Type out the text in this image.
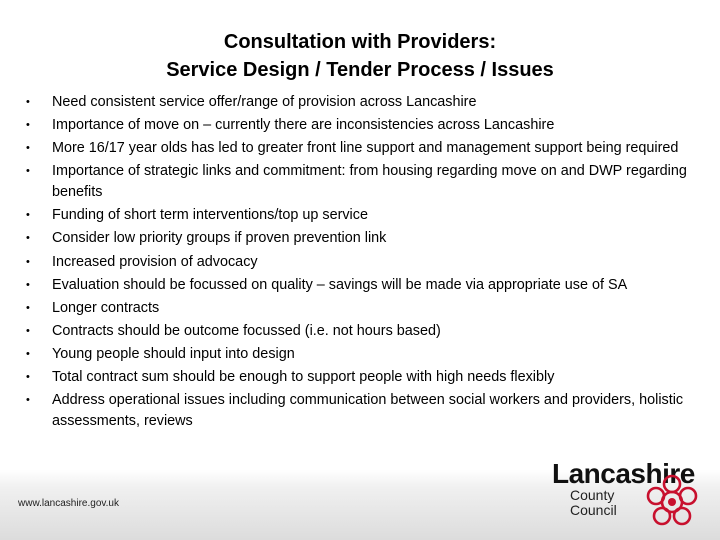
Consultation with Providers:
Service Design / Tender Process / Issues
• Need consistent service offer/range of provision across Lancashire
• Importance of move on – currently there are inconsistencies across Lancashire
• More 16/17 year olds has led to greater front line support and management support being required
• Importance of strategic links and commitment: from housing regarding move on and DWP regarding benefits
• Funding of short term interventions/top up service
• Consider low priority groups if proven prevention link
• Increased provision of advocacy
• Evaluation should be focussed on quality – savings will be made via appropriate use of SA
• Longer contracts
• Contracts should be outcome focussed (i.e. not hours based)
• Young people should input into design
• Total contract sum should be enough to support people with high needs flexibly
• Address operational issues including communication between social workers and providers, holistic assessments, reviews
www.lancashire.gov.uk
Lancashire
County
Council
